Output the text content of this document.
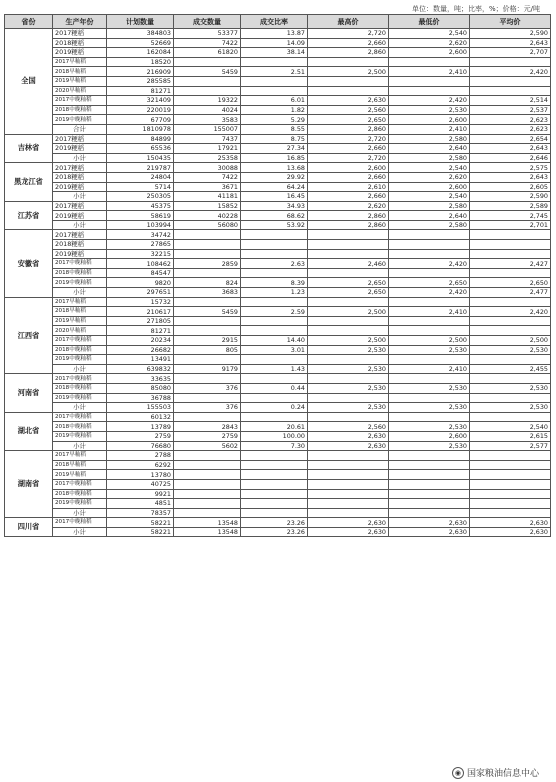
单位：数量，吨；比率，%；价格：元/吨
省份	生产年份	计划数量	成交数量	成交比率	最高价	最低价	平均价
全国	2017粳稻	384803	53377	13.87	2,720	2,540	2,590
	2018粳稻	52669	7422	14.09	2,660	2,620	2,643
	2019粳稻	162084	61820	38.14	2,860	2,600	2,707
	2017早籼稻	18520					
	2018早籼稻	216909	5459	2.51	2,500	2,410	2,420
	2019早籼稻	285585					
	2020早籼稻	81271					
	2017中晚籼稻	321409	19322	6.01	2,630	2,420	2,514
	2018中晚籼稻	220019	4024	1.82	2,560	2,530	2,537
	2019中晚籼稻	67709	3583	5.29	2,650	2,600	2,623
	合计	1810978	155007	8.55	2,860	2,410	2,623
吉林省	2017粳稻	84899	7437	8.75	2,720	2,580	2,654
	2019粳稻	65536	17921	27.34	2,660	2,640	2,643
	小计	150435	25358	16.85	2,720	2,580	2,646
黑龙江省	2017粳稻	219787	30088	13.68	2,600	2,540	2,575
	2018粳稻	24804	7422	29.92	2,660	2,620	2,643
	2019粳稻	5714	3671	64.24	2,610	2,600	2,605
	小计	250305	41181	16.45	2,660	2,540	2,590
江苏省	2017粳稻	45375	15852	34.93	2,620	2,580	2,589
	2019粳稻	58619	40228	68.62	2,860	2,640	2,745
	小计	103994	56080	53.92	2,860	2,580	2,701
安徽省	2017粳稻	34742					
	2018粳稻	27865					
	2019粳稻	32215					
	2017中晚籼稻	108462	2859	2.63	2,460	2,420	2,427
	2018中晚籼稻	84547					
	2019中晚籼稻	9820	824	8.39	2,650	2,650	2,650
	小计	297651	3683	1.23	2,650	2,420	2,477
江西省	2017早籼稻	15732					
	2018早籼稻	210617	5459	2.59	2,500	2,410	2,420
	2019早籼稻	271805					
	2020早籼稻	81271					
	2017中晚籼稻	20234	2915	14.40	2,500	2,500	2,500
	2018中晚籼稻	26682	805	3.01	2,530	2,530	2,530
	2019中晚籼稻	13491					
	小计	639832	9179	1.43	2,530	2,410	2,455
河南省	2017中晚籼稻	33635					
	2018中晚籼稻	85080	376	0.44	2,530	2,530	2,530
	2019中晚籼稻	36788					
	小计	155503	376	0.24	2,530	2,530	2,530
湖北省	2017中晚籼稻	60132					
	2018中晚籼稻	13789	2843	20.61	2,560	2,530	2,540
	2019中晚籼稻	2759	2759	100.00	2,630	2,600	2,615
	小计	76680	5602	7.30	2,630	2,530	2,577
湖南省	2017早籼稻	2788					
	2018早籼稻	6292					
	2019早籼稻	13780					
	2017中晚籼稻	40725					
	2018中晚籼稻	9921					
	2019中晚籼稻	4851					
	小计	78357					
四川省	2017中晚籼稻	58221	13548	23.26	2,630	2,630	2,630
	小计	58221	13548	23.26	2,630	2,630	2,630
◉ 国家粮油信息中心
